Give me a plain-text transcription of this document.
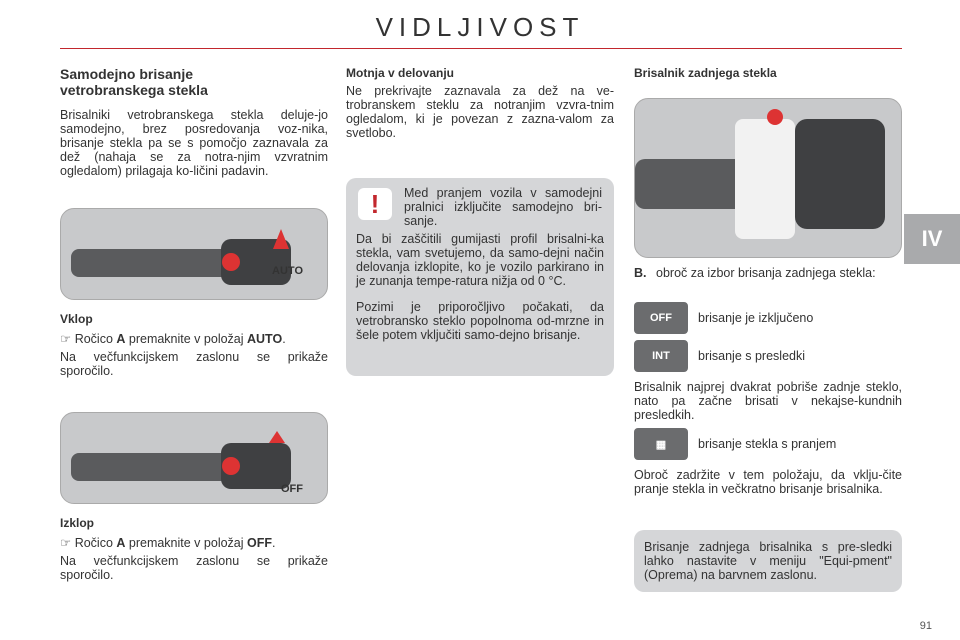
VIDLJIVOST
IV
Samodejno brisanje
vetrobranskega stekla

Brisalniki vetrobranskega stekla deluje-jo samodejno, brez posredovanja voz-nika, brisanje stekla pa se s pomočjo zaznavala za dež (nahaja se za notra-njim vzvratnim ogledalom) prilagaja ko-ličini padavin.

AUTO
Vklop
☞ Ročico A premaknite v položaj AUTO.

Na večfunkcijskem zaslonu se prikaže sporočilo.

OFF
Izklop
☞ Ročico A premaknite v položaj OFF.

Na večfunkcijskem zaslonu se prikaže sporočilo.

Motnja v delovanju

Ne prekrivajte zaznavala za dež na ve-trobranskem steklu za notranjim vzvra-tnim ogledalom, ki je povezan z zazna-valom za svetlobo.

!	Med pranjem vozila v samodejni pralnici izključite samodejno bri-sanje.

Da bi zaščitili gumijasti profil brisalni-ka stekla, vam svetujemo, da samo-dejni način delovanja izklopite, ko je vozilo parkirano in je zunanja tempe-ratura nižja od 0 °C.

Pozimi je priporočljivo počakati, da vetrobransko steklo popolnoma od-mrzne in šele potem vključiti samo-dejno brisanje.

Brisalnik zadnjega stekla
B. obroč za izbor brisanja zadnjega stekla:

OFF	brisanje je izključeno
INT	brisanje s presledki

Brisalnik najprej dvakrat pobriše zadnje steklo, nato pa začne brisati v nekajse-kundnih presledkih.

▦	brisanje stekla s pranjem

Obroč zadržite v tem položaju, da vklju-čite pranje stekla in večkratno brisanje brisalnika.

Brisanje zadnjega brisalnika s pre-sledki lahko nastavite v meniju "Equi-pment" (Oprema) na barvnem zaslonu.

91
